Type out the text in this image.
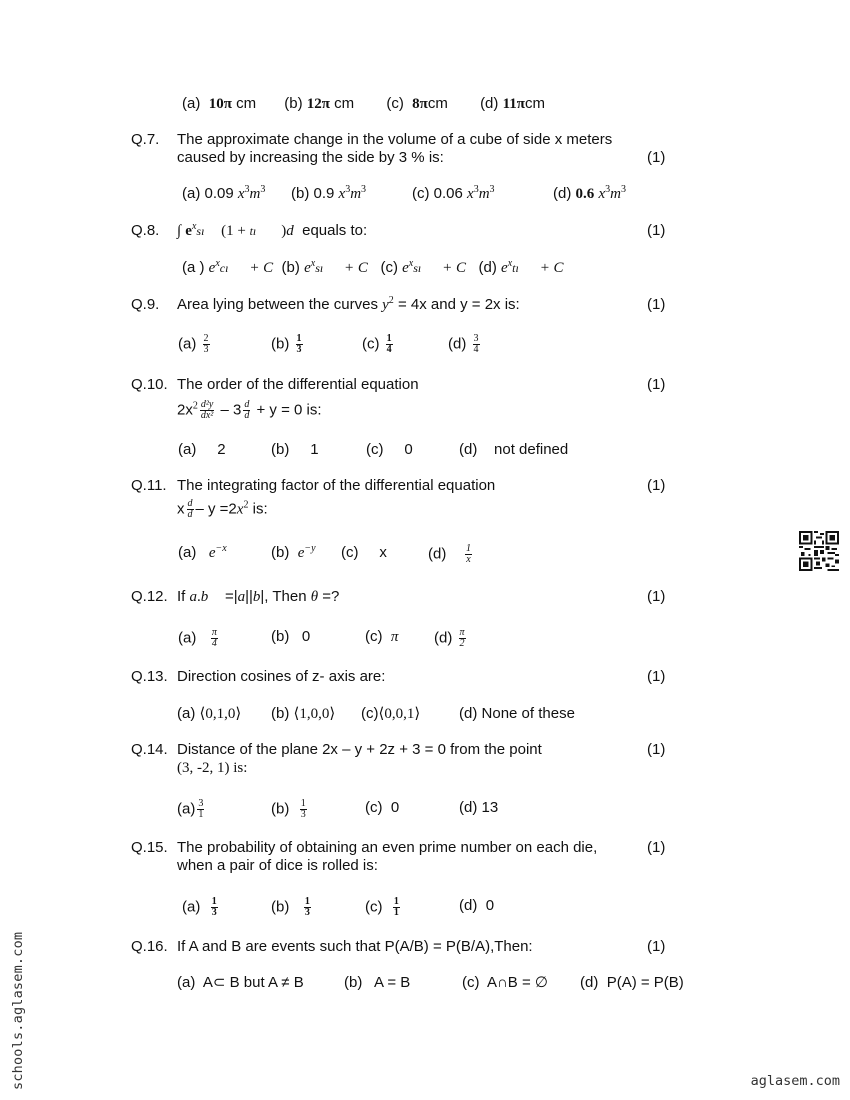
(a) 10π cm (b) 12π cm (c) 8πcm (d) 11πcm
Q.7. The approximate change in the volume of a cube of side x meters
caused by increasing the side by 3 % is:	(1)
(a) 0.09 $x^3m^3$ (b) 0.9 $x^3m^3$	(c) 0.06 $x^3m^3$	(d) 0.6 $x^3m^3$
Q.8. ∫ $e^xsı$ (1 + tı )d equals to:	(1)
(a ) $e^xcı + C$ (b) $e^xsı + C$ (c) $e^xsı + C$ (d) $e^xtı + C$
Q.9. Area lying between the curves $y^2 = 4x$ and y = 2x is:	(1)
$(a) \frac{2}{3}$	$(b) \frac{1}{3}$	$(c) \frac{1}{4}$	$(d) \frac{3}{4}$
Q.10. The order of the differential equation	(1)
$2x^2 \frac{\text{d²y}}{\text{dx²}} - 3 \frac{d}{d} + y = 0$ is:
(a) 2	(b) 1	(c) 0	(d) not defined
Q.11. The integrating factor of the differential equation	(1)
x $\frac{d}{d} - y =2x^2$ is:
(a) $e^{-x}$	(b) $e^{-y}$ (c) x	$(d) \frac{1}{x}$
Q.12. If a.b =|a||b|, Then θ =?	(1)
$(a) \frac{\pi}{4}$	(b) 0	(c) π $(d) \frac{\pi}{2}$
Q.13. Direction cosines of z- axis are:	(1)
(a) ⟨0,1,0⟩ (b) ⟨1,0,0⟩ (c)⟨0,0,1⟩	(d) None of these
Q.14. Distance of the plane 2x – y + 2z + 3 = 0 from the point
(3, -2, 1) is:
(1)
$(a) \frac{3}{1}$	$(b) \frac{1}{3}$	(c) 0	(d) 13
Q.15. The probability of obtaining an even prime number on each die,
when a pair of dice is rolled is:
(1)
$(a) \frac{1}{3}$	$(b) \frac{1}{3}$	$(c) \frac{1}{1}$	(d) 0
Q.16. If A and B are events such that P(A/B) = P(B/A),Then:	(1)
(a) A⊂ B but A ≠ B	(b) A = B	(c) A∩B = ∅ (d) P(A) = P(B)
schools.aglasem.com	aglasem.com
